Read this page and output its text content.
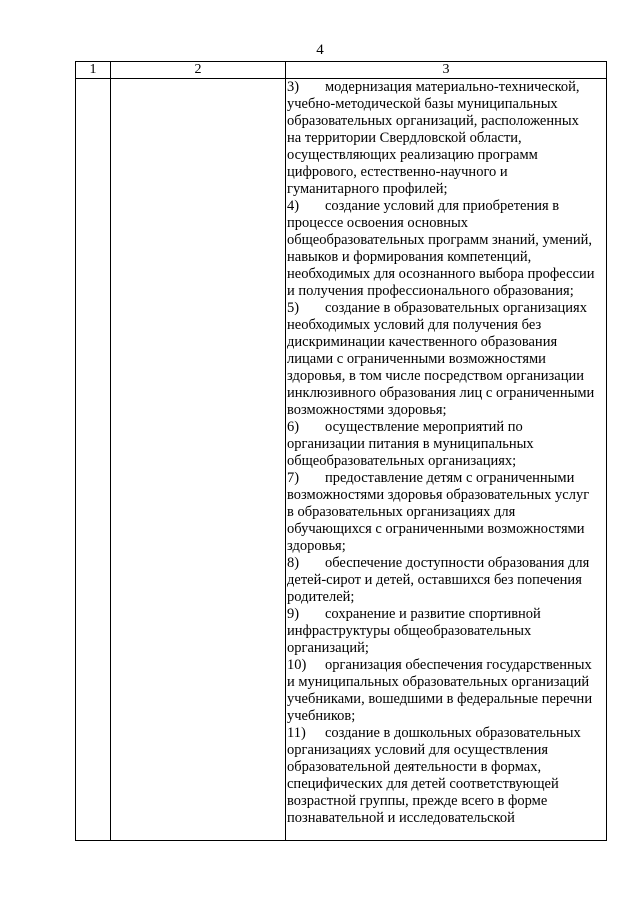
4
1	2	3
3) модернизация материально-технической,
учебно-методической базы муниципальных
образовательных организаций, расположенных
на территории Свердловской области,
осуществляющих реализацию программ
цифрового, естественно-научного и
гуманитарного профилей;
4) создание условий для приобретения в
процессе освоения основных
общеобразовательных программ знаний, умений,
навыков и формирования компетенций,
необходимых для осознанного выбора профессии
и получения профессионального образования;
5) создание в образовательных организациях
необходимых условий для получения без
дискриминации качественного образования
лицами с ограниченными возможностями
здоровья, в том числе посредством организации
инклюзивного образования лиц с ограниченными
возможностями здоровья;
6) осуществление мероприятий по
организации питания в муниципальных
общеобразовательных организациях;
7) предоставление детям с ограниченными
возможностями здоровья образовательных услуг
в образовательных организациях для
обучающихся с ограниченными возможностями
здоровья;
8) обеспечение доступности образования для
детей-сирот и детей, оставшихся без попечения
родителей;
9) сохранение и развитие спортивной
инфраструктуры общеобразовательных
организаций;
10) организация обеспечения государственных
и муниципальных образовательных организаций
учебниками, вошедшими в федеральные перечни
учебников;
11) создание в дошкольных образовательных
организациях условий для осуществления
образовательной деятельности в формах,
специфических для детей соответствующей
возрастной группы, прежде всего в форме
познавательной и исследовательской
